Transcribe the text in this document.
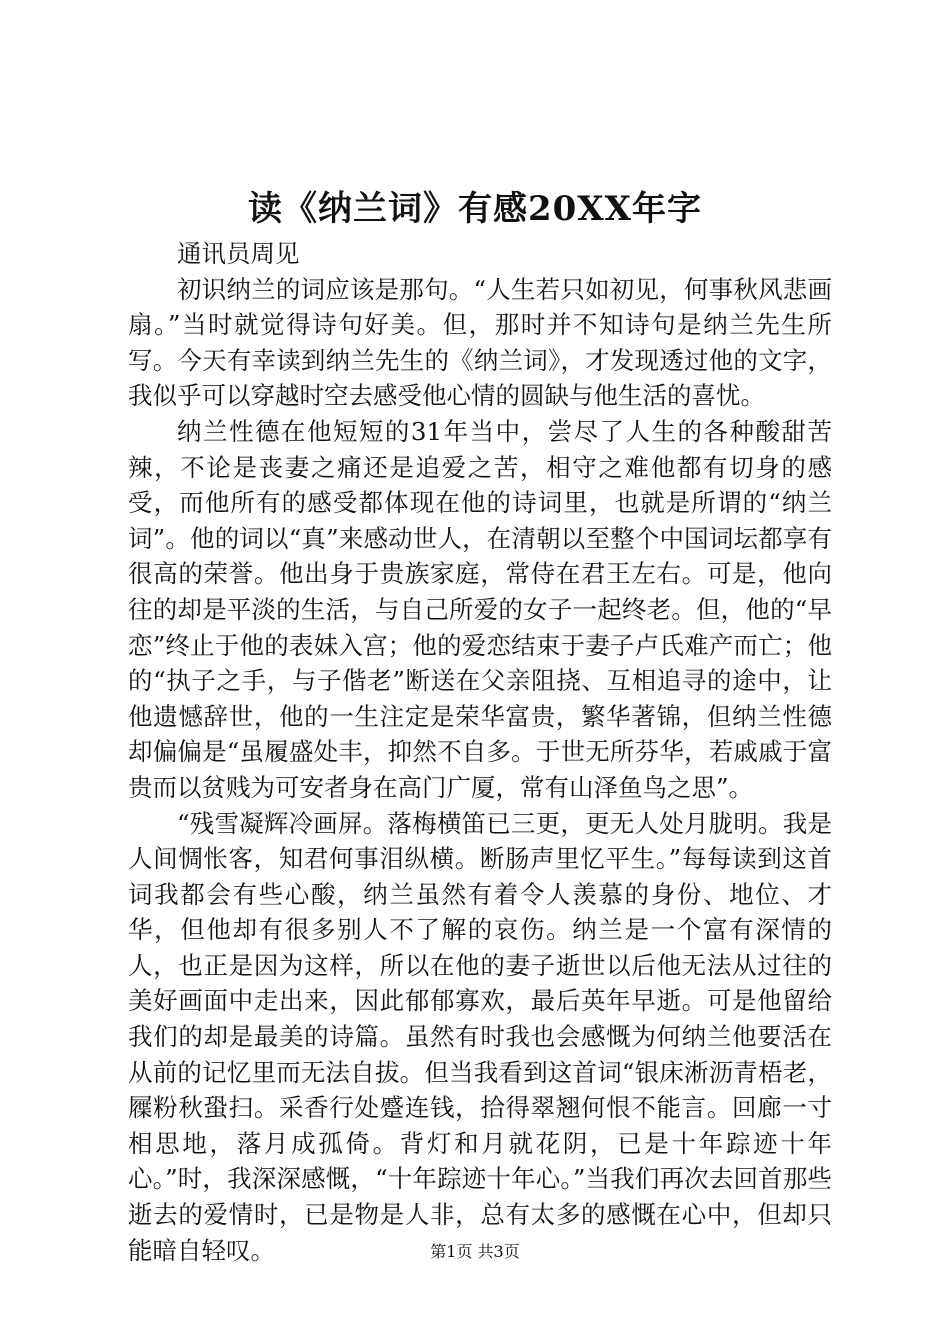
读《纳兰词》有感20XX年字
通讯员周见

初识纳兰的词应该是那句。“人生若只如初见，何事秋风悲画扇。”当时就觉得诗句好美。但，那时并不知诗句是纳兰先生所写。今天有幸读到纳兰先生的《纳兰词》，才发现透过他的文字，我似乎可以穿越时空去感受他心情的圆缺与他生活的喜忧。

纳兰性德在他短短的31年当中，尝尽了人生的各种酸甜苦辣，不论是丧妻之痛还是追爱之苦，相守之难他都有切身的感受，而他所有的感受都体现在他的诗词里，也就是所谓的“纳兰词”。他的词以“真”来感动世人，在清朝以至整个中国词坛都享有很高的荣誉。他出身于贵族家庭，常侍在君王左右。可是，他向往的却是平淡的生活，与自己所爱的女子一起终老。但，他的“早恋”终止于他的表妹入宫；他的爱恋结束于妻子卢氏难产而亡；他的“执子之手，与子偕老”断送在父亲阻挠、互相追寻的途中，让他遗憾辞世，他的一生注定是荣华富贵，繁华著锦，但纳兰性德却偏偏是“虽履盛处丰，抑然不自多。于世无所芬华，若戚戚于富贵而以贫贱为可安者身在高门广厦，常有山泽鱼鸟之思”。

“残雪凝辉冷画屏。落梅横笛已三更，更无人处月胧明。我是人间惆怅客，知君何事泪纵横。断肠声里忆平生。”每每读到这首词我都会有些心酸，纳兰虽然有着令人羡慕的身份、地位、才华，但他却有很多别人不了解的哀伤。纳兰是一个富有深情的人，也正是因为这样，所以在他的妻子逝世以后他无法从过往的美好画面中走出来，因此郁郁寡欢，最后英年早逝。可是他留给我们的却是最美的诗篇。虽然有时我也会感慨为何纳兰他要活在从前的记忆里而无法自拔。但当我看到这首词“银床淅沥青梧老，屧粉秋蛩扫。采香行处蹙连钱，拾得翠翘何恨不能言。回廊一寸相思地，落月成孤倚。背灯和月就花阴，已是十年踪迹十年心。”时，我深深感慨，“十年踪迹十年心。”当我们再次去回首那些逝去的爱情时，已是物是人非，总有太多的感慨在心中，但却只能暗自轻叹。	第1页 共3页
